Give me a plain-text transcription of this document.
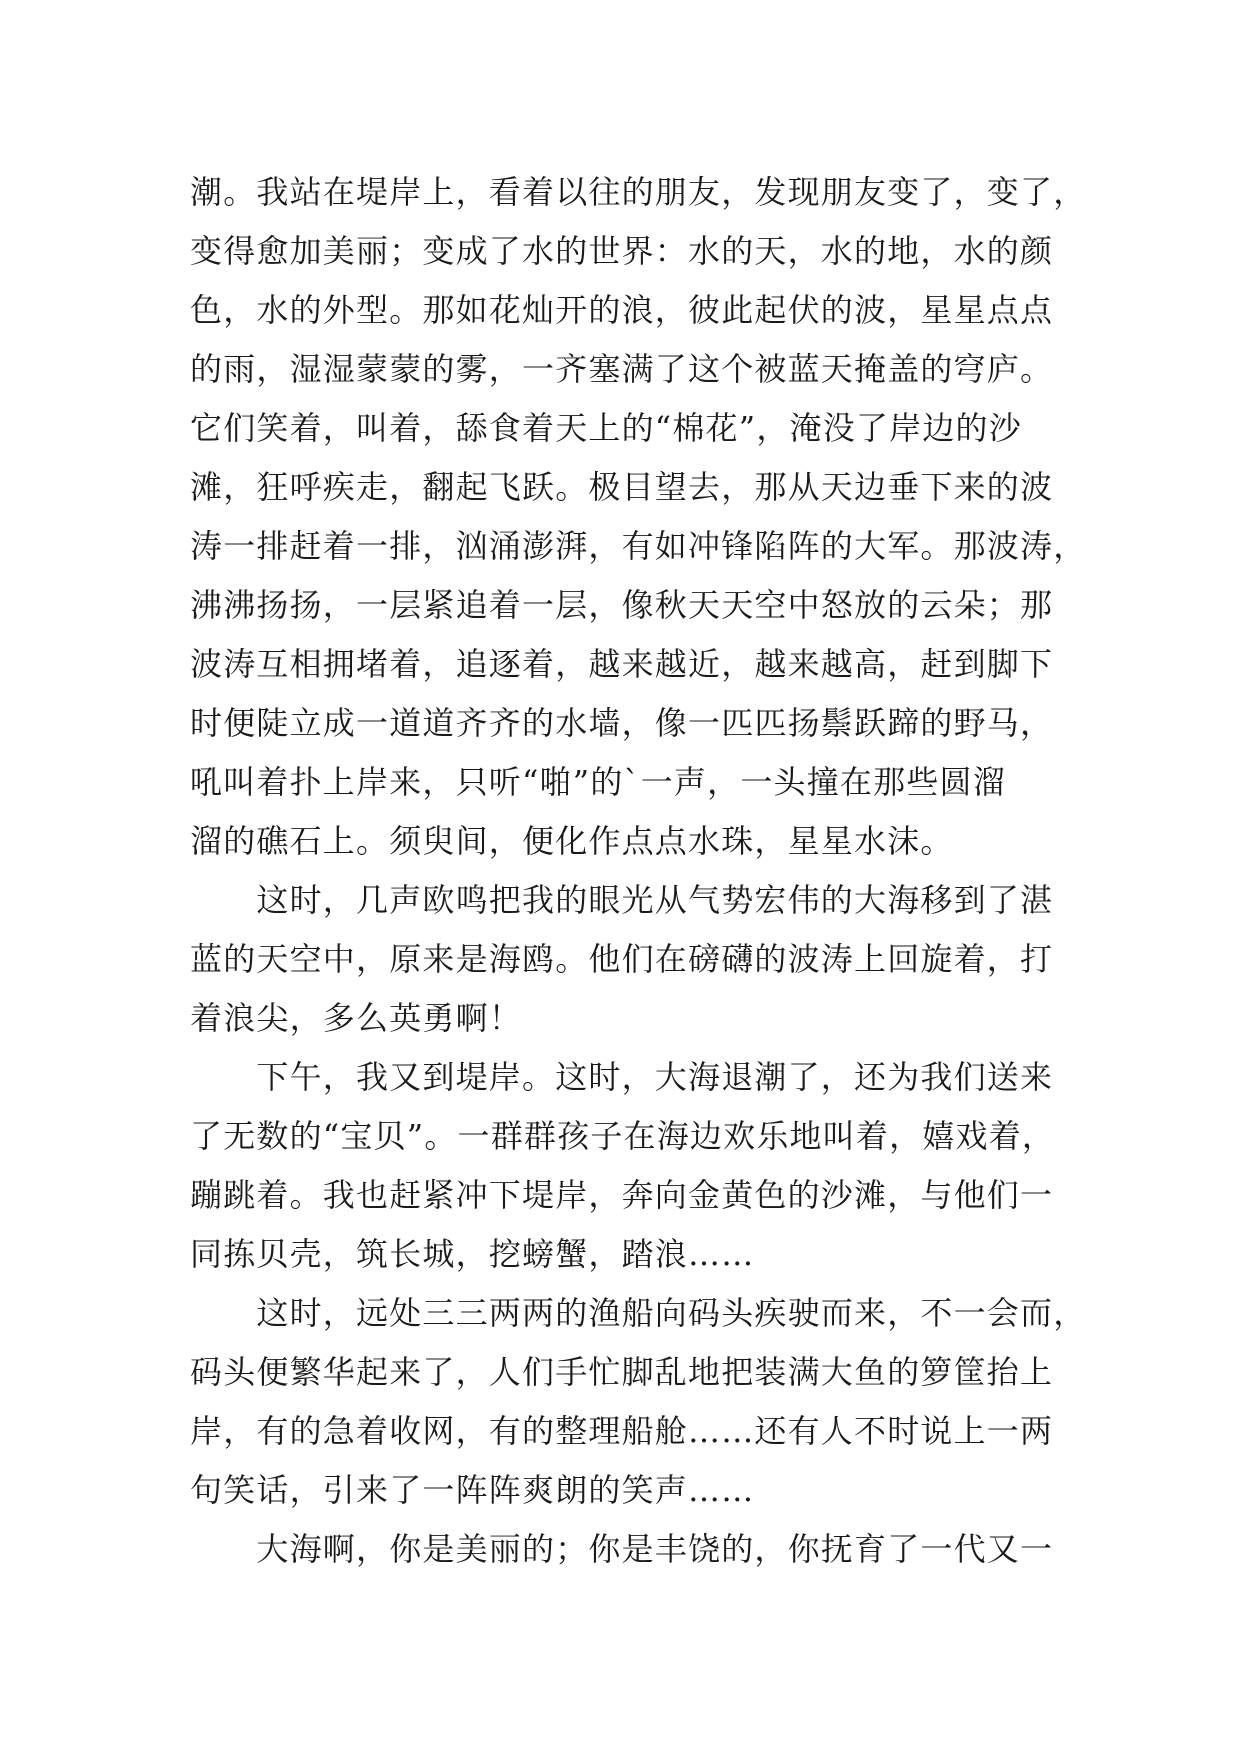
潮。我站在堤岸上，看着以往的朋友，发现朋友变了，变了，
变得愈加美丽；变成了水的世界：水的天，水的地，水的颜
色，水的外型。那如花灿开的浪，彼此起伏的波，星星点点
的雨，湿湿蒙蒙的雾，一齐塞满了这个被蓝天掩盖的穹庐。
它们笑着，叫着，舔食着天上的“棉花”，淹没了岸边的沙
滩，狂呼疾走，翻起飞跃。极目望去，那从天边垂下来的波
涛一排赶着一排，汹涌澎湃，有如冲锋陷阵的大军。那波涛，
沸沸扬扬，一层紧追着一层，像秋天天空中怒放的云朵；那
波涛互相拥堵着，追逐着，越来越近，越来越高，赶到脚下
时便陡立成一道道齐齐的水墙，像一匹匹扬鬃跃蹄的野马，
吼叫着扑上岸来，只听“啪”的`一声，一头撞在那些圆溜
溜的礁石上。须臾间，便化作点点水珠，星星水沫。
　　这时，几声欧鸣把我的眼光从气势宏伟的大海移到了湛
蓝的天空中，原来是海鸥。他们在磅礴的波涛上回旋着，打
着浪尖，多么英勇啊！
　　下午，我又到堤岸。这时，大海退潮了，还为我们送来
了无数的“宝贝”。一群群孩子在海边欢乐地叫着，嬉戏着，
蹦跳着。我也赶紧冲下堤岸，奔向金黄色的沙滩，与他们一
同拣贝壳，筑长城，挖螃蟹，踏浪……
　　这时，远处三三两两的渔船向码头疾驶而来，不一会而，
码头便繁华起来了，人们手忙脚乱地把装满大鱼的箩筐抬上
岸，有的急着收网，有的整理船舱……还有人不时说上一两
句笑话，引来了一阵阵爽朗的笑声……
　　大海啊，你是美丽的；你是丰饶的，你抚育了一代又一
